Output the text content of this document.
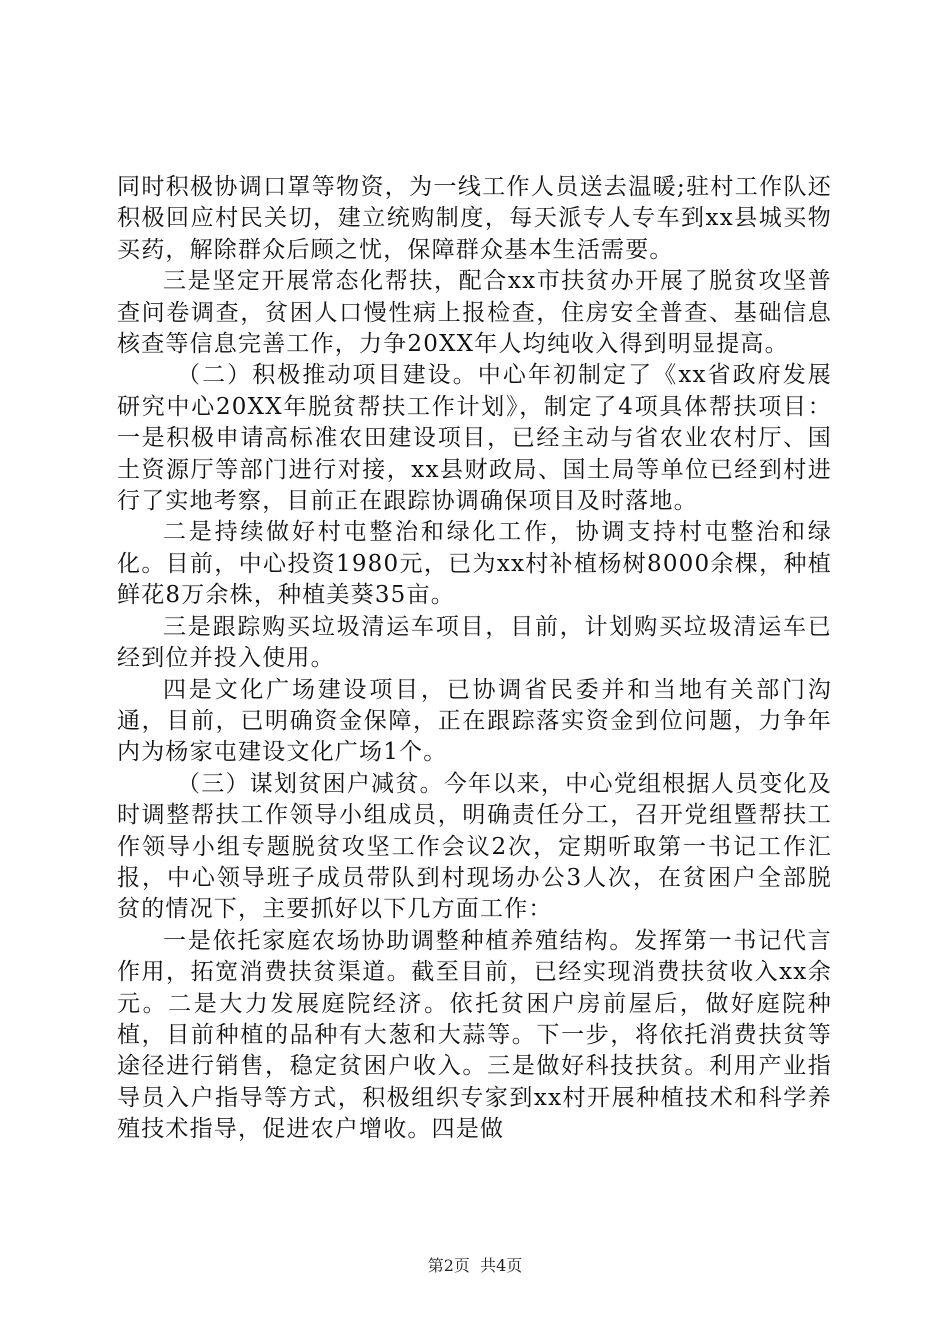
同时积极协调口罩等物资，为一线工作人员送去温暖;驻村工作队还积极回应村民关切，建立统购制度，每天派专人专车到xx县城买物买药，解除群众后顾之忧，保障群众基本生活需要。

三是坚定开展常态化帮扶，配合xx市扶贫办开展了脱贫攻坚普查问卷调查，贫困人口慢性病上报检查，住房安全普查、基础信息核查等信息完善工作，力争20XX年人均纯收入得到明显提高。

（二）积极推动项目建设。中心年初制定了《xx省政府发展研究中心20XX年脱贫帮扶工作计划》，制定了4项具体帮扶项目：一是积极申请高标准农田建设项目，已经主动与省农业农村厅、国土资源厅等部门进行对接，xx县财政局、国土局等单位已经到村进行了实地考察，目前正在跟踪协调确保项目及时落地。

二是持续做好村屯整治和绿化工作，协调支持村屯整治和绿化。目前，中心投资1980元，已为xx村补植杨树8000余棵，种植鲜花8万余株，种植美葵35亩。

三是跟踪购买垃圾清运车项目，目前，计划购买垃圾清运车已经到位并投入使用。

四是文化广场建设项目，已协调省民委并和当地有关部门沟通，目前，已明确资金保障，正在跟踪落实资金到位问题，力争年内为杨家屯建设文化广场1个。

（三）谋划贫困户减贫。今年以来，中心党组根据人员变化及时调整帮扶工作领导小组成员，明确责任分工，召开党组暨帮扶工作领导小组专题脱贫攻坚工作会议2次，定期听取第一书记工作汇报，中心领导班子成员带队到村现场办公3人次，在贫困户全部脱贫的情况下，主要抓好以下几方面工作：

一是依托家庭农场协助调整种植养殖结构。发挥第一书记代言作用，拓宽消费扶贫渠道。截至目前，已经实现消费扶贫收入xx余元。二是大力发展庭院经济。依托贫困户房前屋后，做好庭院种植，目前种植的品种有大葱和大蒜等。下一步，将依托消费扶贫等途径进行销售，稳定贫困户收入。三是做好科技扶贫。利用产业指导员入户指导等方式，积极组织专家到xx村开展种植技术和科学养殖技术指导，促进农户增收。四是做

第2页  共4页
